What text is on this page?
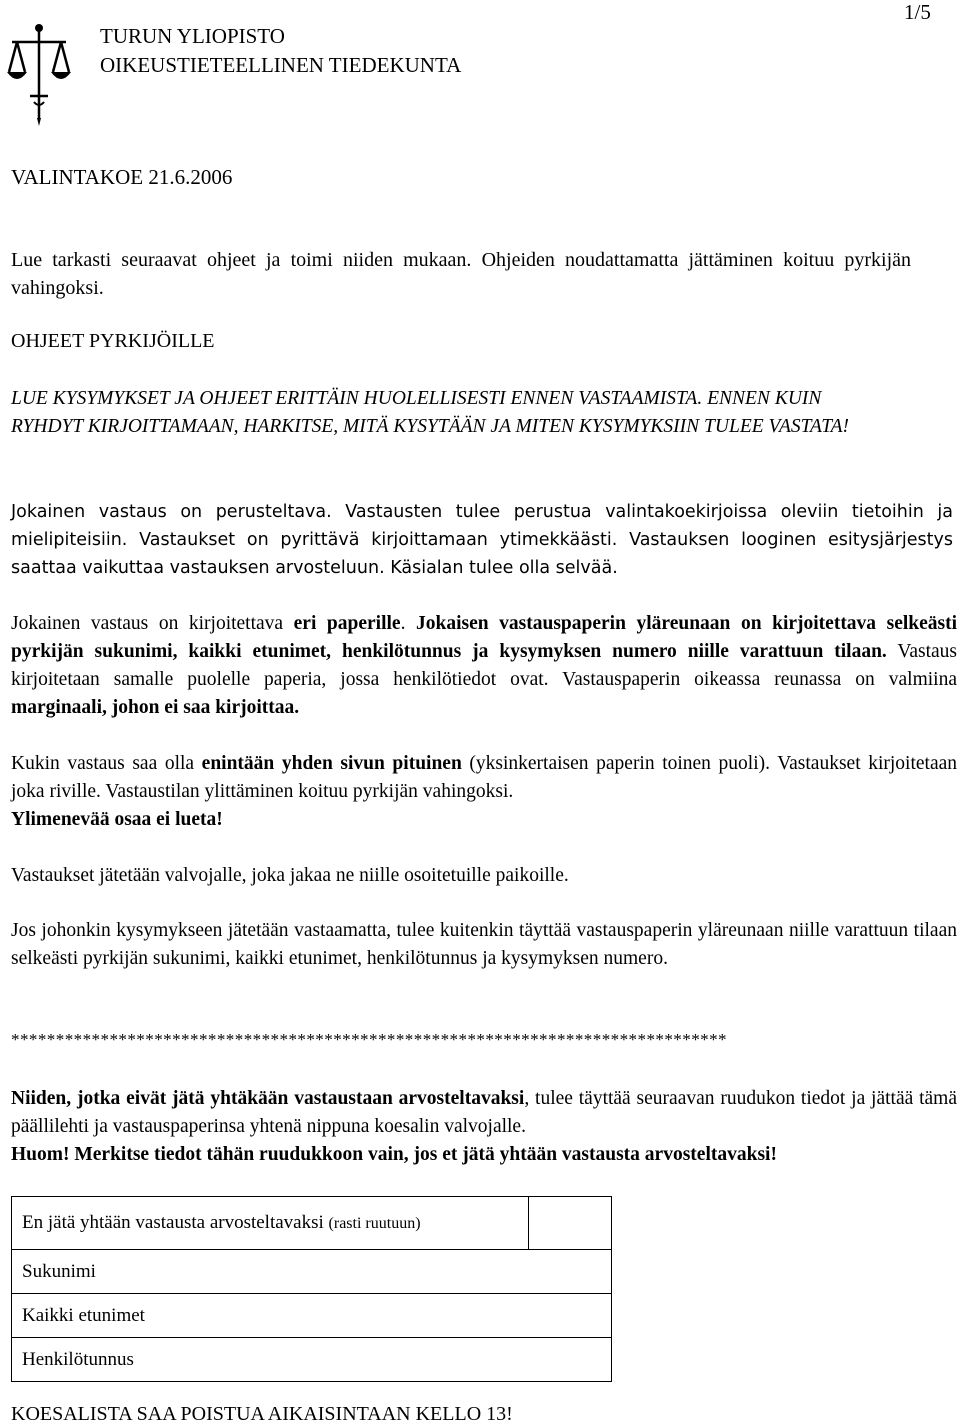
1/5
TURUN YLIOPISTO
OIKEUSTIETEELLINEN TIEDEKUNTA
VALINTAKOE 21.6.2006
Lue tarkasti seuraavat ohjeet ja toimi niiden mukaan. Ohjeiden noudattamatta jättäminen koituu pyrkijän vahingoksi.
OHJEET PYRKIJÖILLE
LUE KYSYMYKSET JA OHJEET ERITTÄIN HUOLELLISESTI ENNEN VASTAAMISTA. ENNEN KUIN RYHDYT KIRJOITTAMAAN, HARKITSE, MITÄ KYSYTÄÄN JA MITEN KYSYMYKSIIN TULEE VASTATA!
Jokainen vastaus on perusteltava. Vastausten tulee perustua valintakoekirjoissa oleviin tietoihin ja mielipiteisiin. Vastaukset on pyrittävä kirjoittamaan ytimekkäästi. Vastauksen looginen esitysjärjestys saattaa vaikuttaa vastauksen arvosteluun. Käsialan tulee olla selvää.
Jokainen vastaus on kirjoitettava eri paperille. Jokaisen vastauspaperin yläreunaan on kirjoitettava selkeästi pyrkijän sukunimi, kaikki etunimet, henkilötunnus ja kysymyksen numero niille varattuun tilaan. Vastaus kirjoitetaan samalle puolelle paperia, jossa henkilötiedot ovat. Vastauspaperin oikeassa reunassa on valmiina marginaali, johon ei saa kirjoittaa.
Kukin vastaus saa olla enintään yhden sivun pituinen (yksinkertaisen paperin toinen puoli). Vastaukset kirjoitetaan joka riville. Vastaustilan ylittäminen koituu pyrkijän vahingoksi.
Ylimenevää osaa ei lueta!
Vastaukset jätetään valvojalle, joka jakaa ne niille osoitetuille paikoille.
Jos johonkin kysymykseen jätetään vastaamatta, tulee kuitenkin täyttää vastauspaperin yläreunaan niille varattuun tilaan selkeästi pyrkijän sukunimi, kaikki etunimet, henkilötunnus ja kysymyksen numero.
********************************************************************************
Niiden, jotka eivät jätä yhtäkään vastaustaan arvosteltavaksi, tulee täyttää seuraavan ruudukon tiedot ja jättää tämä päällilehti ja vastauspaperinsa yhtenä nippuna koesalin valvojalle.
Huom! Merkitse tiedot tähän ruudukkoon vain, jos et jätä yhtään vastausta arvosteltavaksi!
En jätä yhtään vastausta arvosteltavaksi (rasti ruutuun)	
Sukunimi
Kaikki etunimet
Henkilötunnus
KOESALISTA SAA POISTUA AIKAISINTAAN KELLO 13!
